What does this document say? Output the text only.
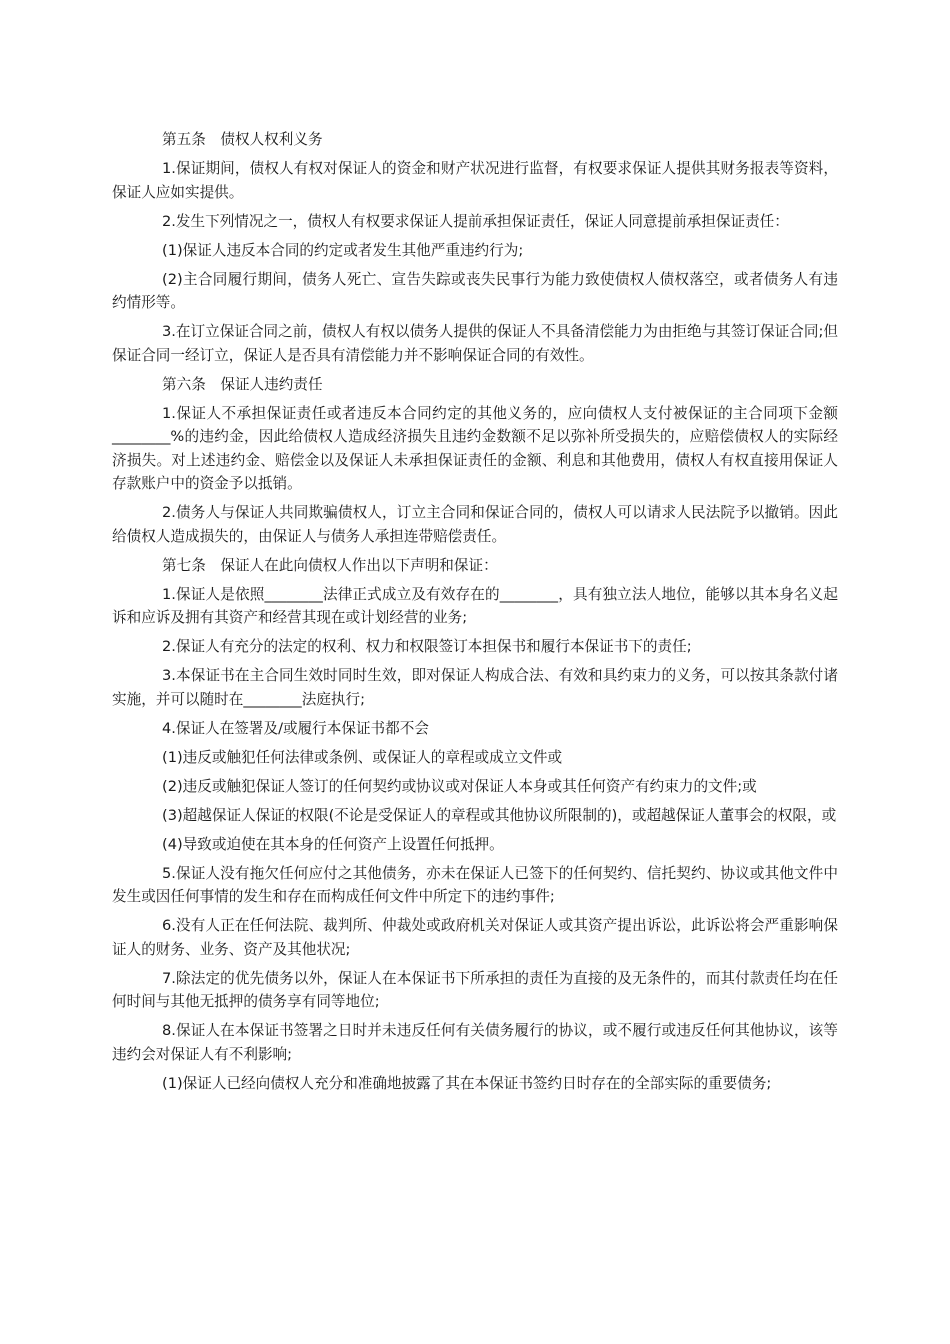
第五条　债权人权利义务

1.保证期间，债权人有权对保证人的资金和财产状况进行监督，有权要求保证人提供其财务报表等资料，保证人应如实提供。

2.发生下列情况之一，债权人有权要求保证人提前承担保证责任，保证人同意提前承担保证责任：

(1)保证人违反本合同的约定或者发生其他严重违约行为;

(2)主合同履行期间，债务人死亡、宣告失踪或丧失民事行为能力致使债权人债权落空，或者债务人有违约情形等。

3.在订立保证合同之前，债权人有权以债务人提供的保证人不具备清偿能力为由拒绝与其签订保证合同;但保证合同一经订立，保证人是否具有清偿能力并不影响保证合同的有效性。

第六条　保证人违约责任

1.保证人不承担保证责任或者违反本合同约定的其他义务的，应向债权人支付被保证的主合同项下金额________%的违约金，因此给债权人造成经济损失且违约金数额不足以弥补所受损失的，应赔偿债权人的实际经济损失。对上述违约金、赔偿金以及保证人未承担保证责任的金额、利息和其他费用，债权人有权直接用保证人存款账户中的资金予以抵销。

2.债务人与保证人共同欺骗债权人，订立主合同和保证合同的，债权人可以请求人民法院予以撤销。因此给债权人造成损失的，由保证人与债务人承担连带赔偿责任。

第七条　保证人在此向债权人作出以下声明和保证：

1.保证人是依照________法律正式成立及有效存在的________，具有独立法人地位，能够以其本身名义起诉和应诉及拥有其资产和经营其现在或计划经营的业务;

2.保证人有充分的法定的权利、权力和权限签订本担保书和履行本保证书下的责任;

3.本保证书在主合同生效时同时生效，即对保证人构成合法、有效和具约束力的义务，可以按其条款付诸实施，并可以随时在________法庭执行;

4.保证人在签署及/或履行本保证书都不会

(1)违反或触犯任何法律或条例、或保证人的章程或成立文件或

(2)违反或触犯保证人签订的任何契约或协议或对保证人本身或其任何资产有约束力的文件;或

(3)超越保证人保证的权限(不论是受保证人的章程或其他协议所限制的)，或超越保证人董事会的权限，或

(4)导致或迫使在其本身的任何资产上设置任何抵押。

5.保证人没有拖欠任何应付之其他债务，亦未在保证人已签下的任何契约、信托契约、协议或其他文件中发生或因任何事情的发生和存在而构成任何文件中所定下的违约事件;

6.没有人正在任何法院、裁判所、仲裁处或政府机关对保证人或其资产提出诉讼，此诉讼将会严重影响保证人的财务、业务、资产及其他状况;

7.除法定的优先债务以外，保证人在本保证书下所承担的责任为直接的及无条件的，而其付款责任均在任何时间与其他无抵押的债务享有同等地位;

8.保证人在本保证书签署之日时并未违反任何有关债务履行的协议，或不履行或违反任何其他协议，该等违约会对保证人有不利影响;

(1)保证人已经向债权人充分和准确地披露了其在本保证书签约日时存在的全部实际的重要债务;
